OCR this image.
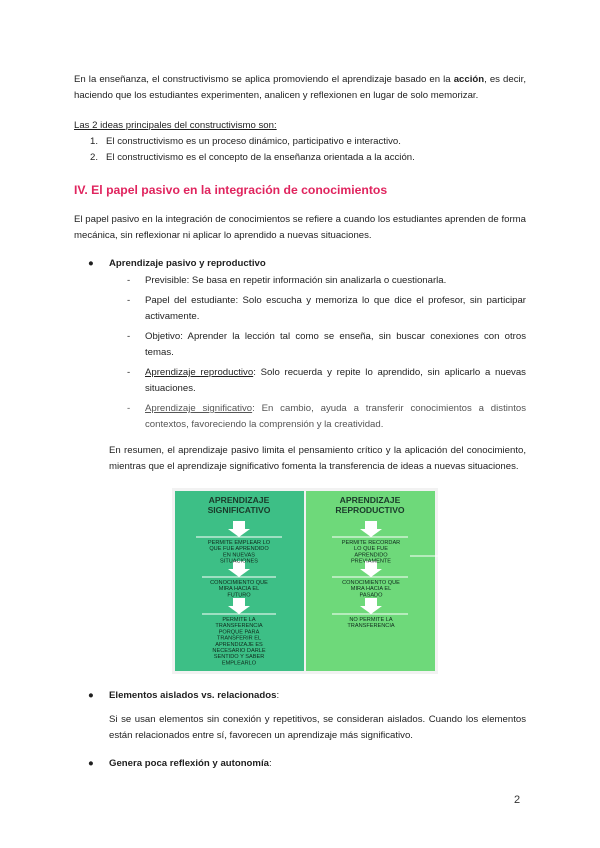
En la enseñanza, el constructivismo se aplica promoviendo el aprendizaje basado en la acción, es decir, haciendo que los estudiantes experimenten, analicen y reflexionen en lugar de solo memorizar.

Las 2 ideas principales del constructivismo son:
1. El constructivismo es un proceso dinámico, participativo e interactivo.
2. El constructivismo es el concepto de la enseñanza orientada a la acción.
IV. El papel pasivo en la integración de conocimientos

El papel pasivo en la integración de conocimientos se refiere a cuando los estudiantes aprenden de forma mecánica, sin reflexionar ni aplicar lo aprendido a nuevas situaciones.

● Aprendizaje pasivo y reproductivo
- Previsible: Se basa en repetir información sin analizarla o cuestionarla.
- Papel del estudiante: Solo escucha y memoriza lo que dice el profesor, sin participar activamente.
- Objetivo: Aprender la lección tal como se enseña, sin buscar conexiones con otros temas.
- Aprendizaje reproductivo: Solo recuerda y repite lo aprendido, sin aplicarlo a nuevas situaciones.
- Aprendizaje significativo: En cambio, ayuda a transferir conocimientos a distintos contextos, favoreciendo la comprensión y la creatividad.

En resumen, el aprendizaje pasivo limita el pensamiento crítico y la aplicación del conocimiento, mientras que el aprendizaje significativo fomenta la transferencia de ideas a nuevas situaciones.

APRENDIZAJE
SIGNIFICATIVO
APRENDIZAJE
REPRODUCTIVO
PERMITE EMPLEAR LO
QUE FUE APRENDIDO
EN NUEVAS
SITUACIONES
CONOCIMIENTO QUE
MIRA HACIA EL
FUTURO
PERMITE LA
TRANSFERENCIA
PORQUE PARA
TRANSFERIR EL
APRENDIZAJE ES
NECESARIO DARLE
SENTIDO Y SABER
EMPLEARLO
PERMITE RECORDAR
LO QUE FUE
APRENDIDO
PREVIAMENTE
CONOCIMIENTO QUE
MIRA HACIA EL
PASADO
NO PERMITE LA
TRANSFERENCIA
● Elementos aislados vs. relacionados:

Si se usan elementos sin conexión y repetitivos, se consideran aislados. Cuando los elementos están relacionados entre sí, favorecen un aprendizaje más significativo.

● Genera poca reflexión y autonomía:
2
